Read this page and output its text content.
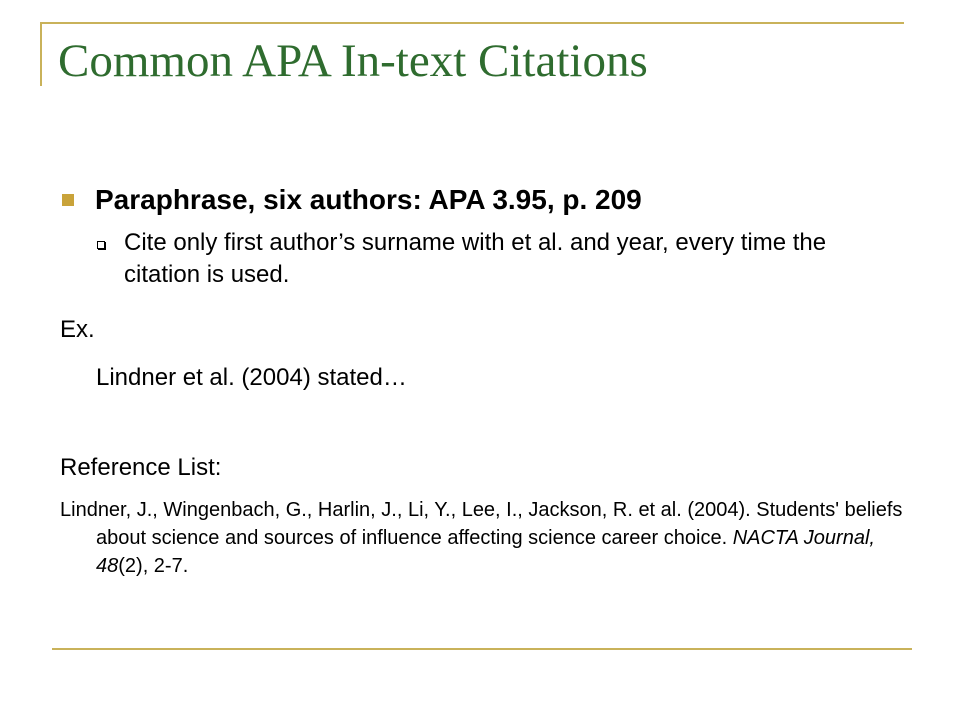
Common APA In-text Citations
Paraphrase, six authors: APA 3.95, p. 209
Cite only first author’s surname with et al. and year, every time the citation is used.
Ex.
Lindner et al. (2004) stated…
Reference List:
Lindner, J., Wingenbach, G., Harlin, J., Li, Y., Lee, I., Jackson, R. et al. (2004). Students' beliefs about science and sources of influence affecting science career choice. NACTA Journal, 48(2), 2-7.
